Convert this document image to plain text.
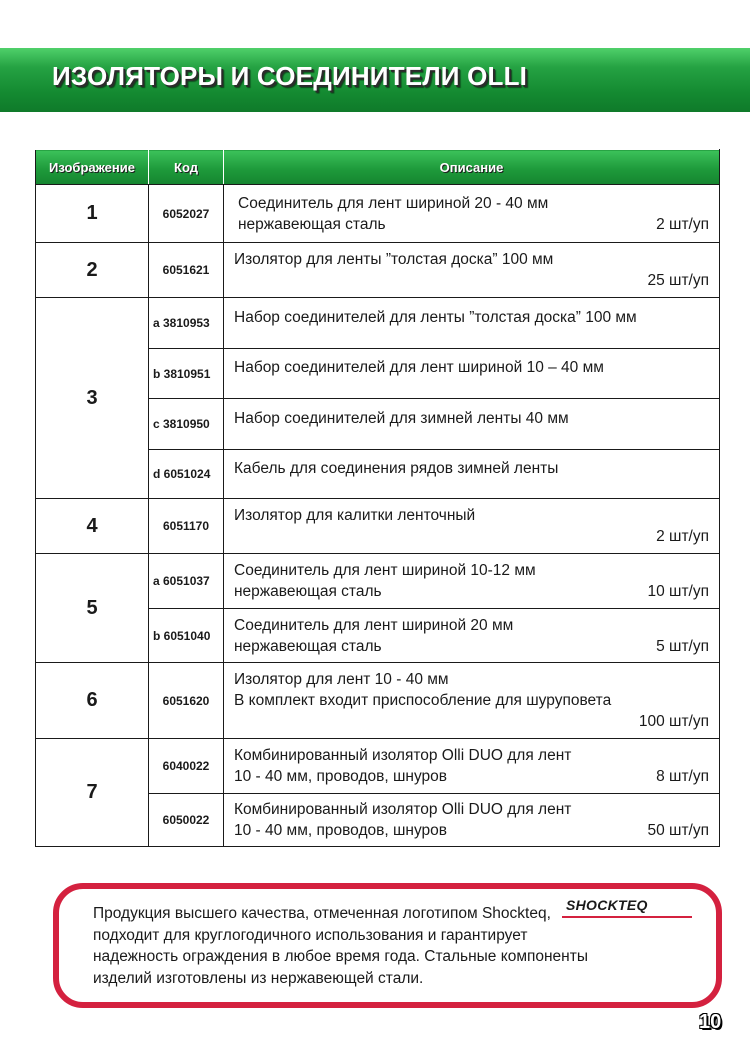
ИЗОЛЯТОРЫ И СОЕДИНИТЕЛИ OLLI
Изображение	Код	Описание
1	6052027	Соединитель для лент шириной 20 - 40 мм
нержавеющая сталь 2 шт/уп

2	6051621	Изолятор для ленты ”толстая доска” 100 мм
25 шт/уп

3	a 3810953	Набор соединителей для ленты ”толстая доска” 100 мм

	b 3810951	Набор соединителей для лент шириной 10 – 40 мм

	c 3810950	Набор соединителей для зимней ленты 40 мм

	d 6051024	Кабель для соединения рядов зимней ленты

4	6051170	Изолятор для калитки ленточный
2 шт/уп

5	a 6051037	Соединитель для лент шириной 10-12 мм
нержавеющая сталь 10 шт/уп

	b 6051040	Соединитель для лент шириной 20 мм
нержавеющая сталь 5 шт/уп

6	6051620	Изолятор для лент 10 - 40 мм
В комплект входит приспособление для шуруповета
100 шт/уп

7	6040022	Комбинированный изолятор Olli DUO для лент
10 - 40 мм, проводов, шнуров 8 шт/уп

	6050022	Комбинированный изолятор Olli DUO для лент
10 - 40 мм, проводов, шнуров 50 шт/уп
Продукция высшего качества, отмеченная логотипом Shockteq, подходит для круглогодичного использования и гарантирует надежность ограждения в любое время года. Стальные компоненты изделий изготовлены из нержавеющей стали.
SHOCKTEQ
10
